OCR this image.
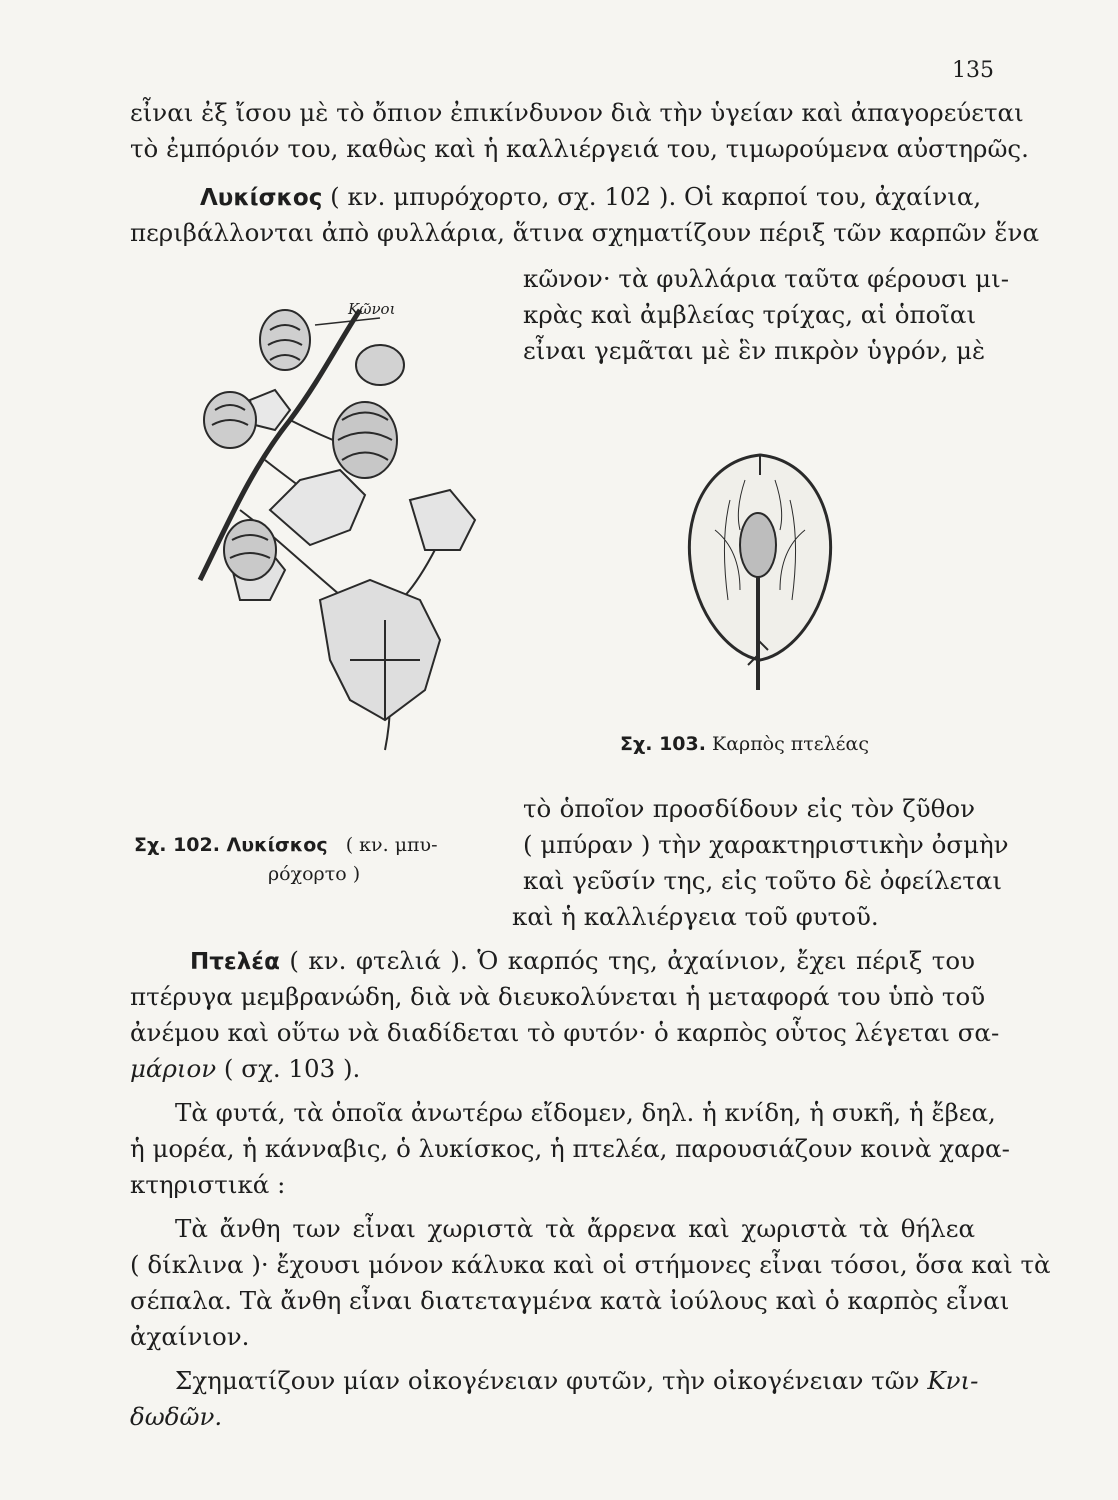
135
εἶναι ἐξ ἴσου μὲ τὸ ὄπιον ἐπικίνδυνον διὰ τὴν ὑγείαν καὶ ἀπαγορεύεται
τὸ ἐμπόριόν του, καθὼς καὶ ἡ καλλιέργειά του, τιμωρούμενα αὐστηρῶς.
Λυκίσκος ( κν. μπυρόχορτο, σχ. 102 ). Οἱ καρποί του, ἀχαίνια,
περιβάλλονται ἀπὸ φυλλάρια, ἅτινα σχηματίζουν πέριξ τῶν καρπῶν ἕνα
κῶνον· τὰ φυλλάρια ταῦτα φέρουσι μι-
κρὰς καὶ ἀμβλείας τρίχας, αἱ ὁποῖαι
εἶναι γεμᾶται μὲ ἓν πικρὸν ὑγρόν, μὲ
Κῶνοι
Σχ. 103. Καρπὸς πτελέας
τὸ ὁποῖον προσδίδουν εἰς τὸν ζῦθον
( μπύραν ) τὴν χαρακτηριστικὴν ὀσμὴν
καὶ γεῦσίν της, εἰς τοῦτο δὲ ὀφείλεται
καὶ ἡ καλλιέργεια τοῦ φυτοῦ.
Σχ. 102. Λυκίσκος ( κν. μπυ-
ρόχορτο )
Πτελέα ( κν. φτελιά ). Ὁ καρπός της, ἀχαίνιον, ἔχει πέριξ του
πτέρυγα μεμβρανώδη, διὰ νὰ διευκολύνεται ἡ μεταφορά του ὑπὸ τοῦ
ἀνέμου καὶ οὕτω νὰ διαδίδεται τὸ φυτόν· ὁ καρπὸς οὗτος λέγεται σα-
μάριον ( σχ. 103 ).
Τὰ φυτά, τὰ ὁποῖα ἀνωτέρω εἴδομεν, δηλ. ἡ κνίδη, ἡ συκῆ, ἡ ἔβεα,
ἡ μορέα, ἡ κάνναβις, ὁ λυκίσκος, ἡ πτελέα, παρουσιάζουν κοινὰ χαρα-
κτηριστικά :
Τὰ ἄνθη των εἶναι χωριστὰ τὰ ἄρρενα καὶ χωριστὰ τὰ θήλεα
( δίκλινα )· ἔχουσι μόνον κάλυκα καὶ οἱ στήμονες εἶναι τόσοι, ὅσα καὶ τὰ
σέπαλα. Τὰ ἄνθη εἶναι διατεταγμένα κατὰ ἰούλους καὶ ὁ καρπὸς εἶναι
ἀχαίνιον.
Σχηματίζουν μίαν οἰκογένειαν φυτῶν, τὴν οἰκογένειαν τῶν Κνι-
δωδῶν.
